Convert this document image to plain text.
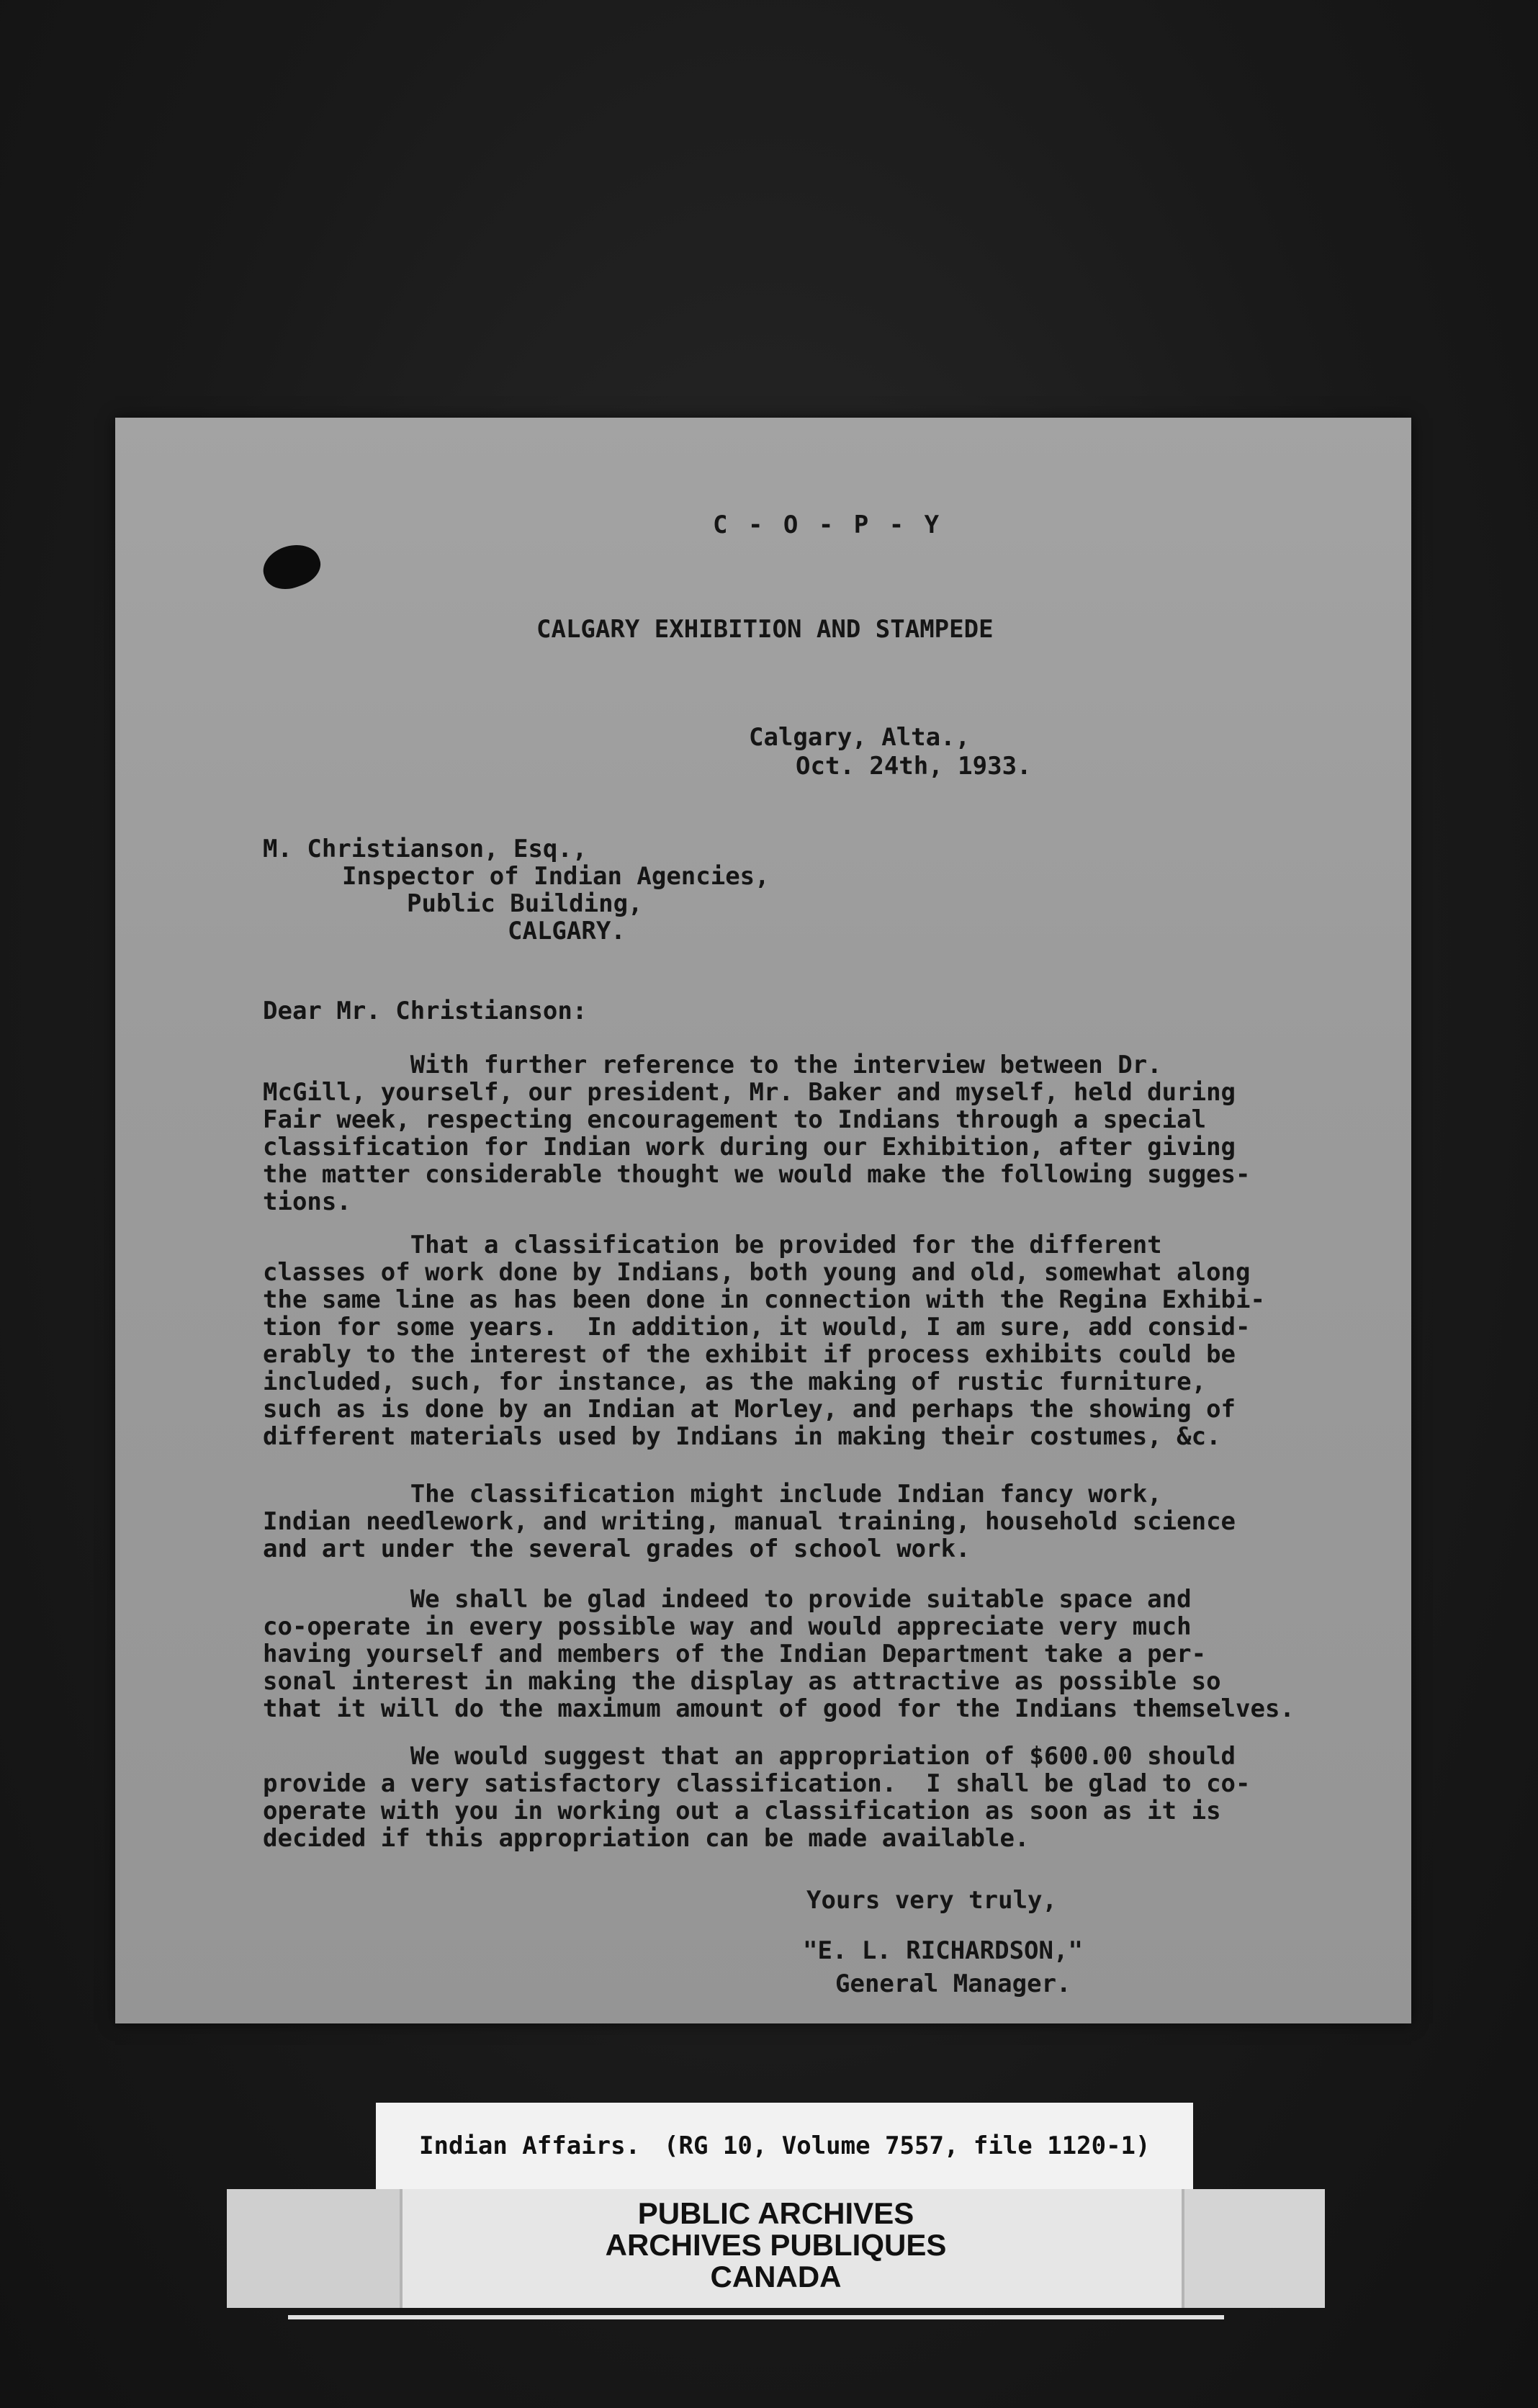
C - O - P - Y
CALGARY EXHIBITION AND STAMPEDE
Calgary, Alta.,
Oct. 24th, 1933.
M. Christianson, Esq.,
Inspector of Indian Agencies,
Public Building,
CALGARY.
Dear Mr. Christianson:
With further reference to the interview between Dr.
McGill, yourself, our president, Mr. Baker and myself, held during
Fair week, respecting encouragement to Indians through a special
classification for Indian work during our Exhibition, after giving
the matter considerable thought we would make the following sugges-
tions.
That a classification be provided for the different
classes of work done by Indians, both young and old, somewhat along
the same line as has been done in connection with the Regina Exhibi-
tion for some years.  In addition, it would, I am sure, add consid-
erably to the interest of the exhibit if process exhibits could be
included, such, for instance, as the making of rustic furniture,
such as is done by an Indian at Morley, and perhaps the showing of
different materials used by Indians in making their costumes, &c.
The classification might include Indian fancy work,
Indian needlework, and writing, manual training, household science
and art under the several grades of school work.
We shall be glad indeed to provide suitable space and
co-operate in every possible way and would appreciate very much
having yourself and members of the Indian Department take a per-
sonal interest in making the display as attractive as possible so
that it will do the maximum amount of good for the Indians themselves.
We would suggest that an appropriation of $600.00 should
provide a very satisfactory classification.  I shall be glad to co-
operate with you in working out a classification as soon as it is
decided if this appropriation can be made available.
Yours very truly,
"E. L. RICHARDSON,"
General Manager.
Indian Affairs. (RG 10, Volume 7557, file 1120-1)
PUBLIC ARCHIVES
ARCHIVES PUBLIQUES
CANADA
